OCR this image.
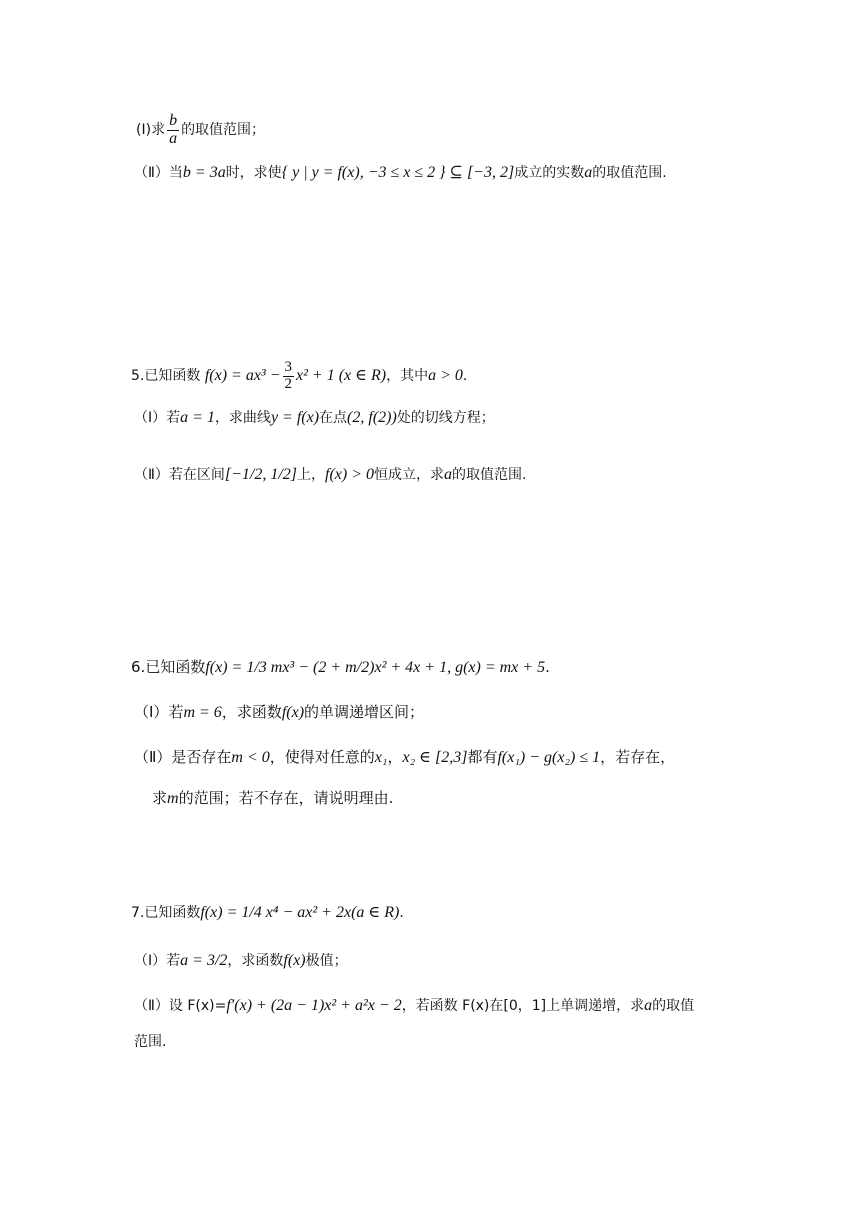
(Ⅰ)求 $\frac{b}{a}$ 的取值范围；
（Ⅱ）当b = 3a时，求使{ y | y = f(x), −3 ≤ x ≤ 2 } ⊆ [−3, 2]成立的实数a的取值范围.
5.已知函数 $f(x) = ax^3 - \frac{3}{2} x^2 + 1$ (x ∈ R)，其中a > 0.
（Ⅰ）若a = 1，求曲线y = f(x)在点(2, f(2))处的切线方程；
（Ⅱ）若在区间[−1/2, 1/2]上，f(x) > 0恒成立，求a的取值范围.
6.已知函数f(x) = 1/3 mx³ − (2 + m/2)x² + 4x + 1, g(x) = mx + 5.
（Ⅰ）若m = 6，求函数f(x)的单调递增区间；
（Ⅱ）是否存在m < 0，使得对任意的x₁，x₂ ∈ [2,3]都有f(x₁) − g(x₂) ≤ 1，若存在，
求m的范围；若不存在，请说明理由.
7.已知函数f(x) = 1/4 x⁴ − ax² + 2x(a ∈ R).
（Ⅰ）若a = 3/2，求函数f(x)极值；
（Ⅱ）设 F(x)=f′(x) + (2a − 1)x² + a²x − 2，若函数 F(x)在[0，1]上单调递增，求a的取值
范围.
